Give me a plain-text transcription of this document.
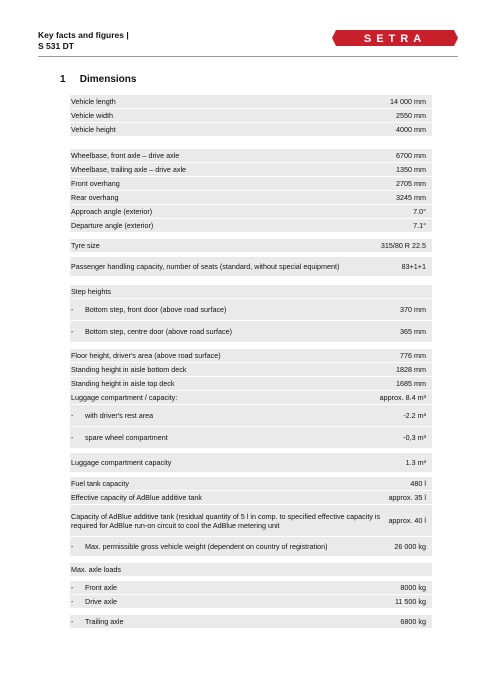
Key facts and figures |
S 531 DT
SETRA
1 Dimensions
Vehicle length	14 000 mm
Vehicle width	2550 mm
Vehicle height	4000 mm
Wheelbase, front axle – drive axle	6700 mm
Wheelbase, trailing axle – drive axle	1350 mm
Front overhang	2705 mm
Rear overhang	3245 mm
Approach angle (exterior)	7.0°
Departure angle (exterior)	7.1°
Tyre size	315/80 R 22.5
Passenger handling capacity, number of seats (standard, without special equipment)	83+1+1
Step heights
- Bottom step, front door (above road surface)	370 mm
- Bottom step, centre door (above road surface)	365 mm
Floor height, driver's area (above road surface)	776 mm
Standing height in aisle bottom deck	1828 mm
Standing height in aisle top deck	1685 mm
Luggage compartment / capacity:	approx. 8.4 m³
- with driver's rest area	-2.2 m³
- spare wheel compartment	-0,3 m³
Luggage compartment capacity	1.3 m³
Fuel tank capacity	480 l
Effective capacity of AdBlue additive tank	approx. 35 l
Capacity of AdBlue additive tank (residual quantity of 5 l in comp. to specified effective capacity is required for AdBlue run-on circuit to cool the AdBlue metering unit	approx. 40 l
- Max. permissible gross vehicle weight (dependent on country of registration)	26 000 kg
Max. axle loads
- Front axle	8000 kg
- Drive axle	11 500 kg
- Trailing axle	6800 kg
